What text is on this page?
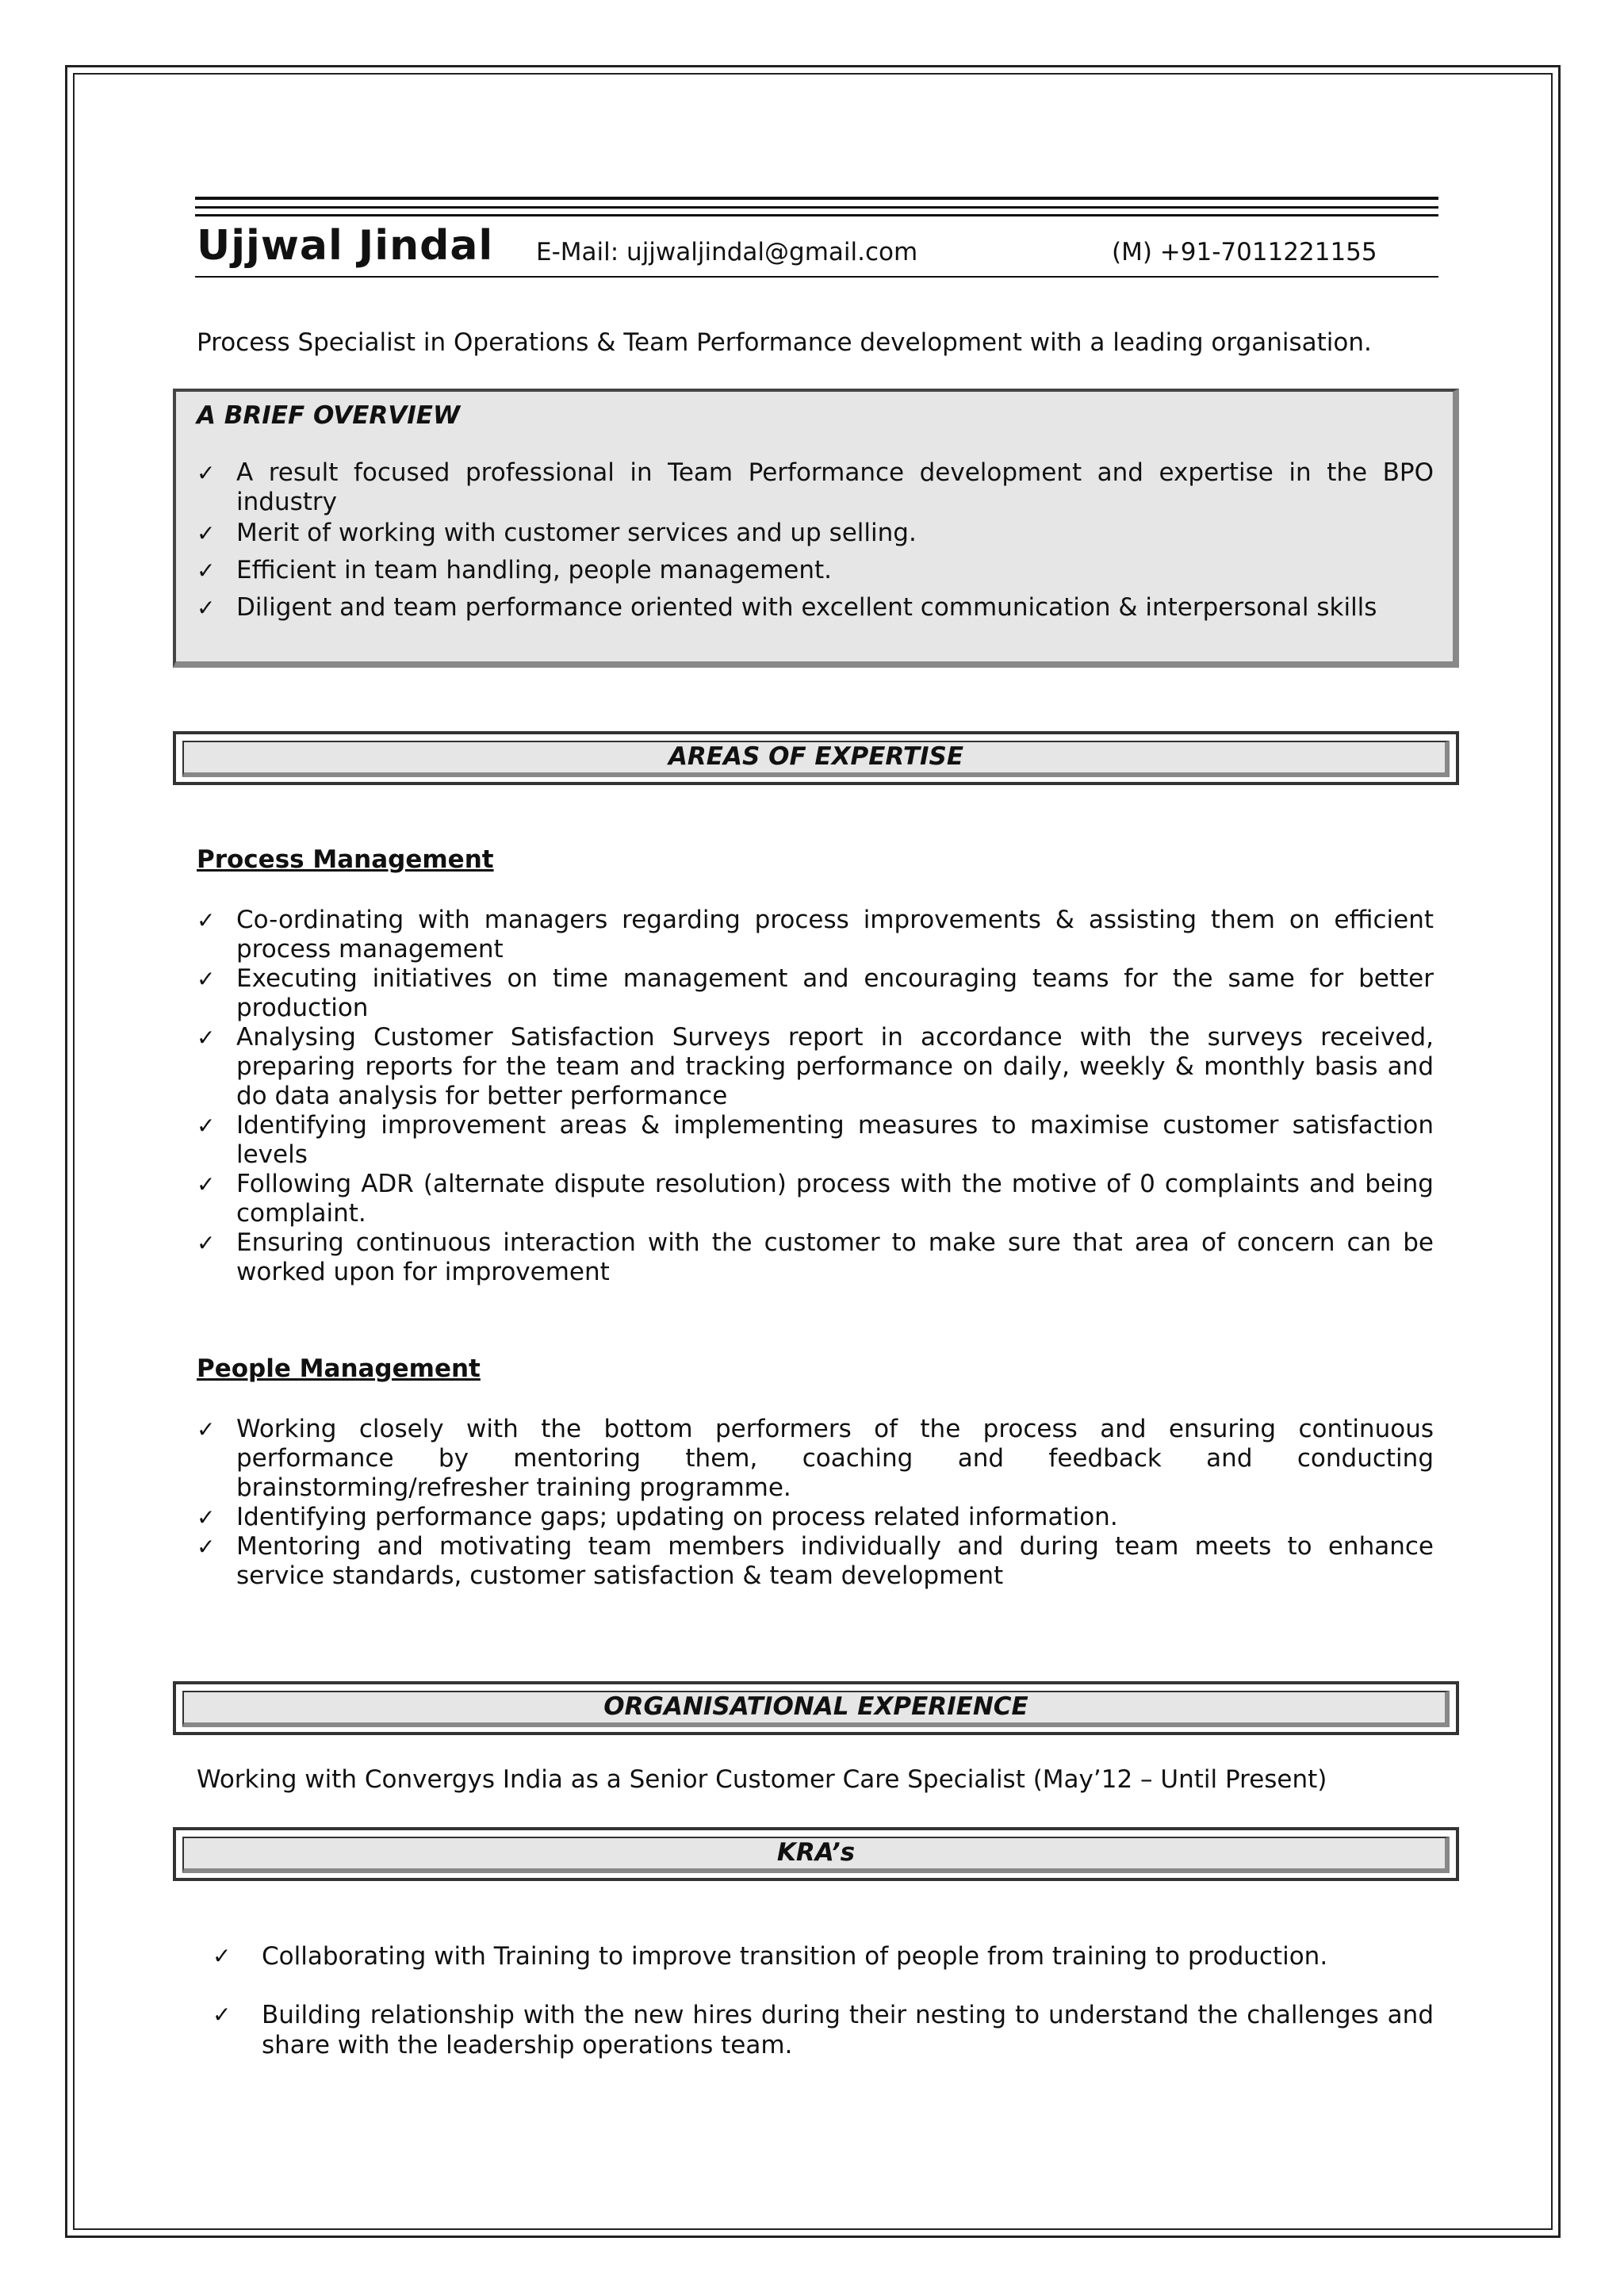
Ujjwal Jindal E-Mail: ujjwaljindal@gmail.com	(M) +91-7011221155
Process Specialist in Operations & Team Performance development with a leading organisation.
A BRIEF OVERVIEW
✓ A result focused professional in Team Performance development and expertise in the BPO industry
✓ Merit of working with customer services and up selling.
✓ Efficient in team handling, people management.
✓ Diligent and team performance oriented with excellent communication & interpersonal skills
AREAS OF EXPERTISE
Process Management
✓ Co-ordinating with managers regarding process improvements & assisting them on efficient process management
✓ Executing initiatives on time management and encouraging teams for the same for better production
✓ Analysing Customer Satisfaction Surveys report in accordance with the surveys received, preparing reports for the team and tracking performance on daily, weekly & monthly basis and do data analysis for better performance
✓ Identifying improvement areas & implementing measures to maximise customer satisfaction levels
✓ Following ADR (alternate dispute resolution) process with the motive of 0 complaints and being complaint.
✓ Ensuring continuous interaction with the customer to make sure that area of concern can be worked upon for improvement
People Management
✓ Working closely with the bottom performers of the process and ensuring continuous performance by mentoring them, coaching and feedback and conducting brainstorming/refresher training programme.
✓ Identifying performance gaps; updating on process related information.
✓ Mentoring and motivating team members individually and during team meets to enhance service standards, customer satisfaction & team development
ORGANISATIONAL EXPERIENCE
Working with Convergys India as a Senior Customer Care Specialist (May’12 – Until Present)
KRA’s
✓ Collaborating with Training to improve transition of people from training to production.
✓ Building relationship with the new hires during their nesting to understand the challenges and share with the leadership operations team.
